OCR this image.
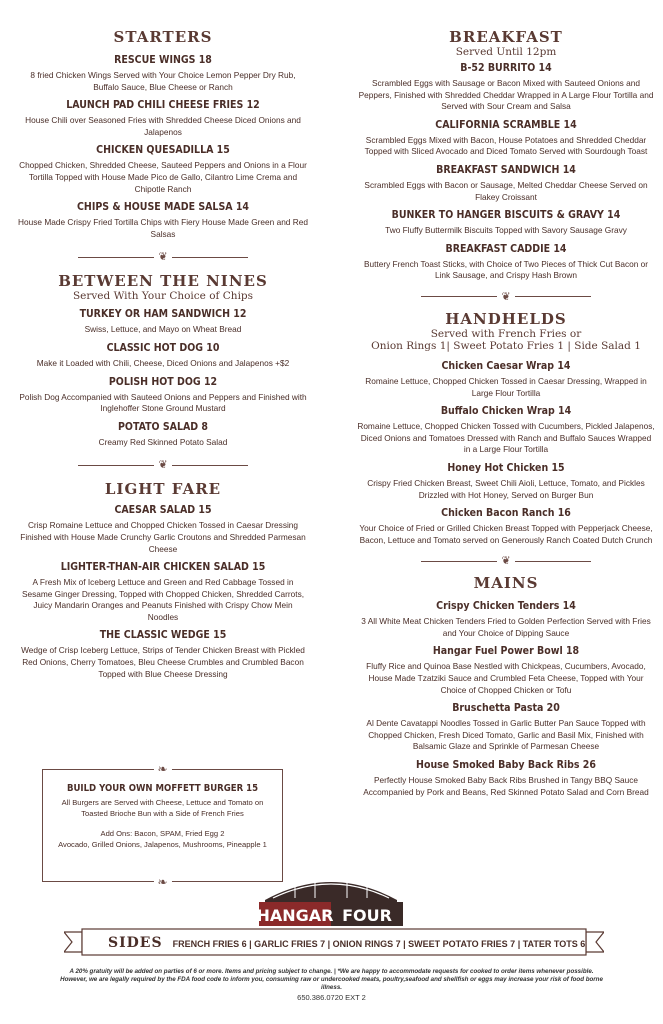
STARTERS
RESCUE WINGS 18
8 fried Chicken Wings Served with Your Choice Lemon Pepper Dry Rub, Buffalo Sauce, Blue Cheese or Ranch
LAUNCH PAD CHILI CHEESE FRIES 12
House Chili over Seasoned Fries with Shredded Cheese Diced Onions and Jalapenos
CHICKEN QUESADILLA 15
Chopped Chicken, Shredded Cheese, Sauteed Peppers and Onions in a Flour Tortilla Topped with House Made Pico de Gallo, Cilantro Lime Crema and Chipotle Ranch
CHIPS & HOUSE MADE SALSA 14
House Made Crispy Fried Tortilla Chips with Fiery House Made Green and Red Salsas
❦
BETWEEN THE NINES
Served With Your Choice of Chips
TURKEY OR HAM SANDWICH 12
Swiss, Lettuce, and Mayo on Wheat Bread
CLASSIC HOT DOG 10
Make it Loaded with Chili, Cheese, Diced Onions and Jalapenos +$2
POLISH HOT DOG 12
Polish Dog Accompanied with Sauteed Onions and Peppers and Finished with Inglehoffer Stone Ground Mustard
POTATO SALAD 8
Creamy Red Skinned Potato Salad
❦
LIGHT FARE
CAESAR SALAD 15
Crisp Romaine Lettuce and Chopped Chicken Tossed in Caesar Dressing Finished with House Made Crunchy Garlic Croutons and Shredded Parmesan Cheese
LIGHTER-THAN-AIR CHICKEN SALAD 15
A Fresh Mix of Iceberg Lettuce and Green and Red Cabbage Tossed in Sesame Ginger Dressing, Topped with Chopped Chicken, Shredded Carrots, Juicy Mandarin Oranges and Peanuts Finished with Crispy Chow Mein Noodles
THE CLASSIC WEDGE 15
Wedge of Crisp Iceberg Lettuce, Strips of Tender Chicken Breast with Pickled Red Onions, Cherry Tomatoes, Bleu Cheese Crumbles and Crumbled Bacon Topped with Blue Cheese Dressing
❧
BUILD YOUR OWN MOFFETT BURGER 15
All Burgers are Served with Cheese, Lettuce and Tomato on Toasted Brioche Bun with a Side of French Fries
Add Ons: Bacon, SPAM, Fried Egg 2
Avocado, Grilled Onions, Jalapenos, Mushrooms, Pineapple 1
❧
BREAKFAST
Served Until 12pm
B-52 BURRITO 14
Scrambled Eggs with Sausage or Bacon Mixed with Sauteed Onions and Peppers, Finished with Shredded Cheddar Wrapped in A Large Flour Tortilla and Served with Sour Cream and Salsa
CALIFORNIA SCRAMBLE 14
Scrambled Eggs Mixed with Bacon, House Potatoes and Shredded Cheddar Topped with Sliced Avocado and Diced Tomato Served with Sourdough Toast
BREAKFAST SANDWICH 14
Scrambled Eggs with Bacon or Sausage, Melted Cheddar Cheese Served on Flakey Croissant
BUNKER TO HANGER BISCUITS & GRAVY 14
Two Fluffy Buttermilk Biscuits Topped with Savory Sausage Gravy
BREAKFAST CADDIE 14
Buttery French Toast Sticks, with Choice of Two Pieces of Thick Cut Bacon or Link Sausage, and Crispy Hash Brown
❦
HANDHELDS
Served with French Fries or
Onion Rings 1| Sweet Potato Fries 1 | Side Salad 1
Chicken Caesar Wrap 14
Romaine Lettuce, Chopped Chicken Tossed in Caesar Dressing, Wrapped in Large Flour Tortilla
Buffalo Chicken Wrap 14
Romaine Lettuce, Chopped Chicken Tossed with Cucumbers, Pickled Jalapenos, Diced Onions and Tomatoes Dressed with Ranch and Buffalo Sauces Wrapped in a Large Flour Tortilla
Honey Hot Chicken 15
Crispy Fried Chicken Breast, Sweet Chili Aioli, Lettuce, Tomato, and Pickles Drizzled with Hot Honey, Served on Burger Bun
Chicken Bacon Ranch 16
Your Choice of Fried or Grilled Chicken Breast Topped with Pepperjack Cheese, Bacon, Lettuce and Tomato served on Generously Ranch Coated Dutch Crunch
❦
MAINS
Crispy Chicken Tenders 14
3 All White Meat Chicken Tenders Fried to Golden Perfection Served with Fries and Your Choice of Dipping Sauce
Hangar Fuel Power Bowl 18
Fluffy Rice and Quinoa Base Nestled with Chickpeas, Cucumbers, Avocado, House Made Tzatziki Sauce and Crumbled Feta Cheese, Topped with Your Choice of Chopped Chicken or Tofu
Bruschetta Pasta 20
Al Dente Cavatappi Noodles Tossed in Garlic Butter Pan Sauce Topped with Chopped Chicken, Fresh Diced Tomato, Garlic and Basil Mix, Finished with Balsamic Glaze and Sprinkle of Parmesan Cheese
House Smoked Baby Back Ribs 26
Perfectly House Smoked Baby Back Ribs Brushed in Tangy BBQ Sauce Accompanied by Pork and Beans, Red Skinned Potato Salad and Corn Bread
HANGAR FOUR
SIDES FRENCH FRIES 6 | GARLIC FRIES 7 | ONION RINGS 7 | SWEET POTATO FRIES 7 | TATER TOTS 6
A 20% gratuity will be added on parties of 6 or more. Items and pricing subject to change. | *We are happy to accommodate requests for cooked to order items whenever possible.
However, we are legally required by the FDA food code to inform you, consuming raw or undercooked meats, poultry,seafood and shellfish or eggs may increase your risk of food borne illness.
650.386.0720 EXT 2
